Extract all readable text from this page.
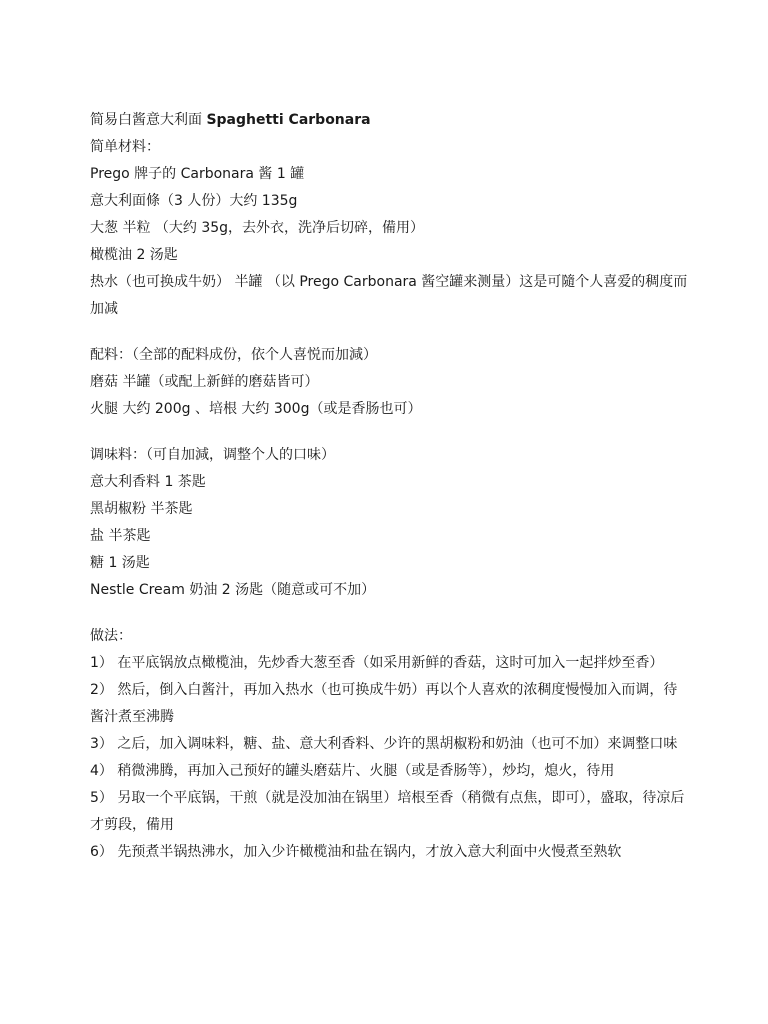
简易白酱意大利面 Spaghetti Carbonara
简单材料：
Prego 牌子的 Carbonara 酱 1 罐
意大利面條（3 人份）大约 135g
大葱 半粒 （大约 35g，去外衣，洗净后切碎，備用）
橄榄油 2 汤匙
热水（也可换成牛奶） 半罐 （以 Prego Carbonara 酱空罐来测量）这是可隨个人喜爱的稠度而加减
配料：（全部的配料成份，依个人喜悦而加減）
磨菇 半罐（或配上新鲜的磨菇皆可）
火腿 大约 200g 、培根 大约 300g（或是香肠也可）
调味料：（可自加減，调整个人的口味）
意大利香料 1 茶匙
黑胡椒粉 半茶匙
盐 半茶匙
糖 1 汤匙
Nestle Cream 奶油 2 汤匙（随意或可不加）
做法：
1） 在平底锅放点橄榄油，先炒香大葱至香（如采用新鲜的香菇，这时可加入一起拌炒至香）
2） 然后，倒入白酱汁，再加入热水（也可换成牛奶）再以个人喜欢的浓稠度慢慢加入而调，待酱汁煮至沸腾
3） 之后，加入调味料，糖、盐、意大利香料、少许的黑胡椒粉和奶油（也可不加）来调整口味
4） 稍微沸腾，再加入己预好的罐头磨菇片、火腿（或是香肠等），炒均，熄火，待用
5） 另取一个平底锅，干煎（就是没加油在锅里）培根至香（稍微有点焦，即可），盛取，待凉后才剪段，備用
6） 先预煮半锅热沸水，加入少许橄榄油和盐在锅内，才放入意大利面中火慢煮至熟软
